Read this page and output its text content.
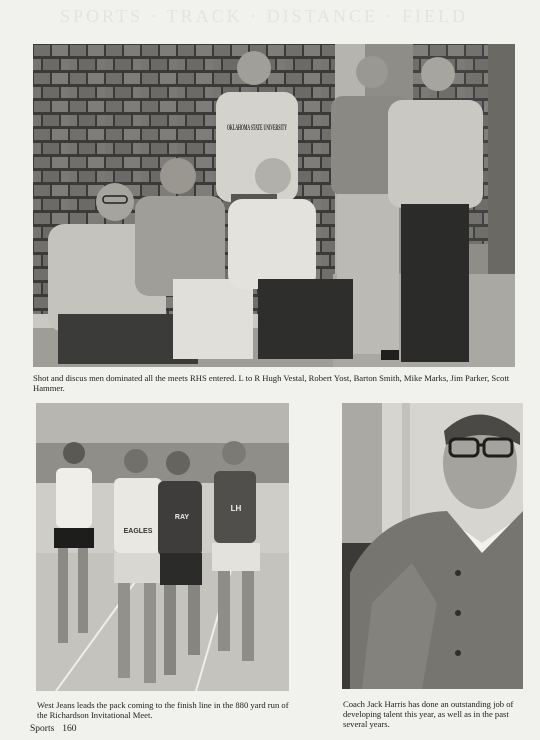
SPORTS · TRACK · DISTANCE · FIELD
OKLAHOMA STATE UNIVERSITY
Shot and discus men dominated all the meets RHS entered. L to R Hugh Vestal, Robert Yost, Barton Smith, Mike Marks, Jim Parker, Scott Hammer.
EAGLES
RAY
LH
West Jeans leads the pack coming to the finish line in the 880 yard run of the Richardson Invitational Meet.
Coach Jack Harris has done an outstanding job of developing talent this year, as well as in the past several years.
Sports 160
